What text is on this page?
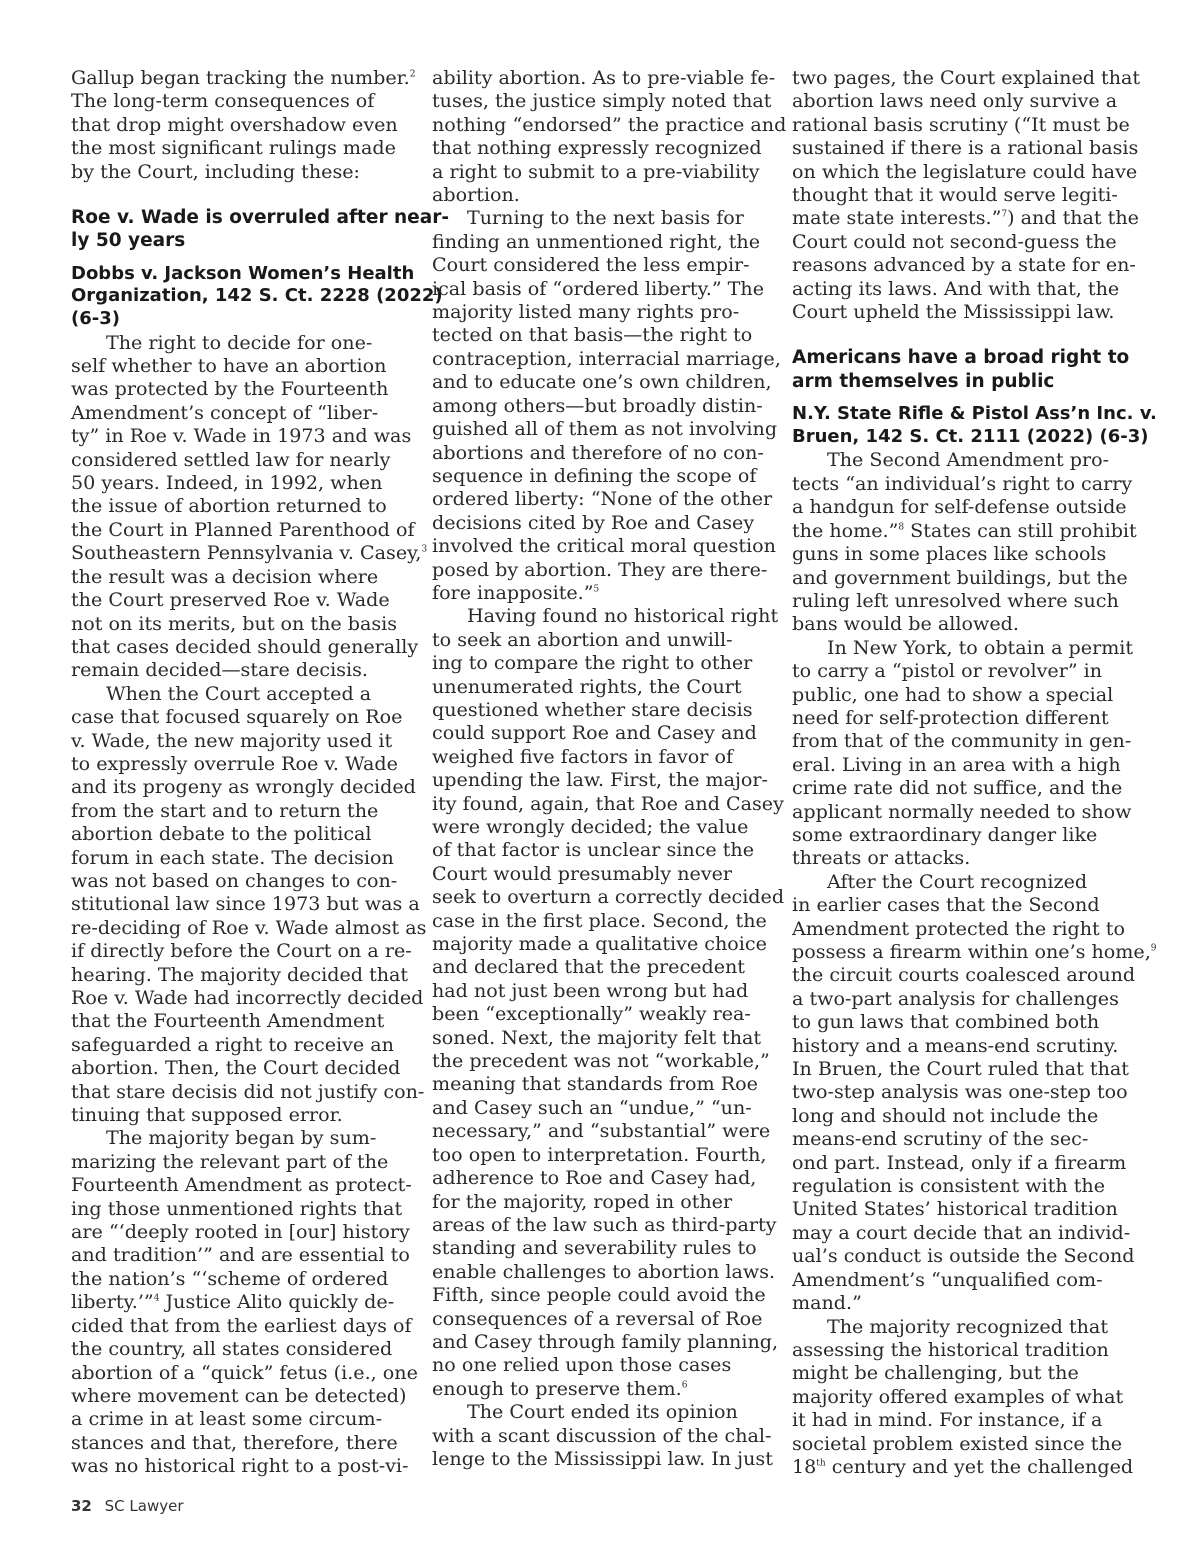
Gallup began tracking the number.$^2$
The long-term consequences of
that drop might overshadow even
the most significant rulings made
by the Court, including these:
Roe v. Wade is overruled after near-
ly 50 years
Dobbs v. Jackson Women’s Health
Organization, 142 S. Ct. 2228 (2022)
(6-3)
The right to decide for one-
self whether to have an abortion
was protected by the Fourteenth
Amendment’s concept of “liber-
ty” in Roe v. Wade in 1973 and was
considered settled law for nearly
50 years. Indeed, in 1992, when
the issue of abortion returned to
the Court in Planned Parenthood of
Southeastern Pennsylvania v. Casey,$^3$
the result was a decision where
the Court preserved Roe v. Wade
not on its merits, but on the basis
that cases decided should generally
remain decided—stare decisis.
When the Court accepted a
case that focused squarely on Roe
v. Wade, the new majority used it
to expressly overrule Roe v. Wade
and its progeny as wrongly decided
from the start and to return the
abortion debate to the political
forum in each state. The decision
was not based on changes to con-
stitutional law since 1973 but was a
re-deciding of Roe v. Wade almost as
if directly before the Court on a re-
hearing. The majority decided that
Roe v. Wade had incorrectly decided
that the Fourteenth Amendment
safeguarded a right to receive an
abortion. Then, the Court decided
that stare decisis did not justify con-
tinuing that supposed error.
The majority began by sum-
marizing the relevant part of the
Fourteenth Amendment as protect-
ing those unmentioned rights that
are “‘deeply rooted in [our] history
and tradition’” and are essential to
the nation’s “‘scheme of ordered
liberty.’”$^4$ Justice Alito quickly de-
cided that from the earliest days of
the country, all states considered
abortion of a “quick” fetus (i.e., one
where movement can be detected)
a crime in at least some circum-
stances and that, therefore, there
was no historical right to a post-vi-
ability abortion. As to pre-viable fe-
tuses, the justice simply noted that
nothing “endorsed” the practice and
that nothing expressly recognized
a right to submit to a pre-viability
abortion.
Turning to the next basis for
finding an unmentioned right, the
Court considered the less empir-
ical basis of “ordered liberty.” The
majority listed many rights pro-
tected on that basis—the right to
contraception, interracial marriage,
and to educate one’s own children,
among others—but broadly distin-
guished all of them as not involving
abortions and therefore of no con-
sequence in defining the scope of
ordered liberty: “None of the other
decisions cited by Roe and Casey
involved the critical moral question
posed by abortion. They are there-
fore inapposite.”$^5$
Having found no historical right
to seek an abortion and unwill-
ing to compare the right to other
unenumerated rights, the Court
questioned whether stare decisis
could support Roe and Casey and
weighed five factors in favor of
upending the law. First, the major-
ity found, again, that Roe and Casey
were wrongly decided; the value
of that factor is unclear since the
Court would presumably never
seek to overturn a correctly decided
case in the first place. Second, the
majority made a qualitative choice
and declared that the precedent
had not just been wrong but had
been “exceptionally” weakly rea-
soned. Next, the majority felt that
the precedent was not “workable,”
meaning that standards from Roe
and Casey such an “undue,” “un-
necessary,” and “substantial” were
too open to interpretation. Fourth,
adherence to Roe and Casey had,
for the majority, roped in other
areas of the law such as third-party
standing and severability rules to
enable challenges to abortion laws.
Fifth, since people could avoid the
consequences of a reversal of Roe
and Casey through family planning,
no one relied upon those cases
enough to preserve them.$^6$
The Court ended its opinion
with a scant discussion of the chal-
lenge to the Mississippi law. In just
two pages, the Court explained that
abortion laws need only survive a
rational basis scrutiny (“It must be
sustained if there is a rational basis
on which the legislature could have
thought that it would serve legiti-
mate state interests.”$^7$) and that the
Court could not second-guess the
reasons advanced by a state for en-
acting its laws. And with that, the
Court upheld the Mississippi law.
Americans have a broad right to
arm themselves in public
N.Y. State Rifle & Pistol Ass’n Inc. v.
Bruen, 142 S. Ct. 2111 (2022) (6-3)
The Second Amendment pro-
tects “an individual’s right to carry
a handgun for self-defense outside
the home.”$^8$ States can still prohibit
guns in some places like schools
and government buildings, but the
ruling left unresolved where such
bans would be allowed.
In New York, to obtain a permit
to carry a “pistol or revolver” in
public, one had to show a special
need for self-protection different
from that of the community in gen-
eral. Living in an area with a high
crime rate did not suffice, and the
applicant normally needed to show
some extraordinary danger like
threats or attacks.
After the Court recognized
in earlier cases that the Second
Amendment protected the right to
possess a firearm within one’s home,$^9$
the circuit courts coalesced around
a two-part analysis for challenges
to gun laws that combined both
history and a means-end scrutiny.
In Bruen, the Court ruled that that
two-step analysis was one-step too
long and should not include the
means-end scrutiny of the sec-
ond part. Instead, only if a firearm
regulation is consistent with the
United States’ historical tradition
may a court decide that an individ-
ual’s conduct is outside the Second
Amendment’s “unqualified com-
mand.”
The majority recognized that
assessing the historical tradition
might be challenging, but the
majority offered examples of what
it had in mind. For instance, if a
societal problem existed since the
18th century and yet the challenged
32 SC Lawyer
